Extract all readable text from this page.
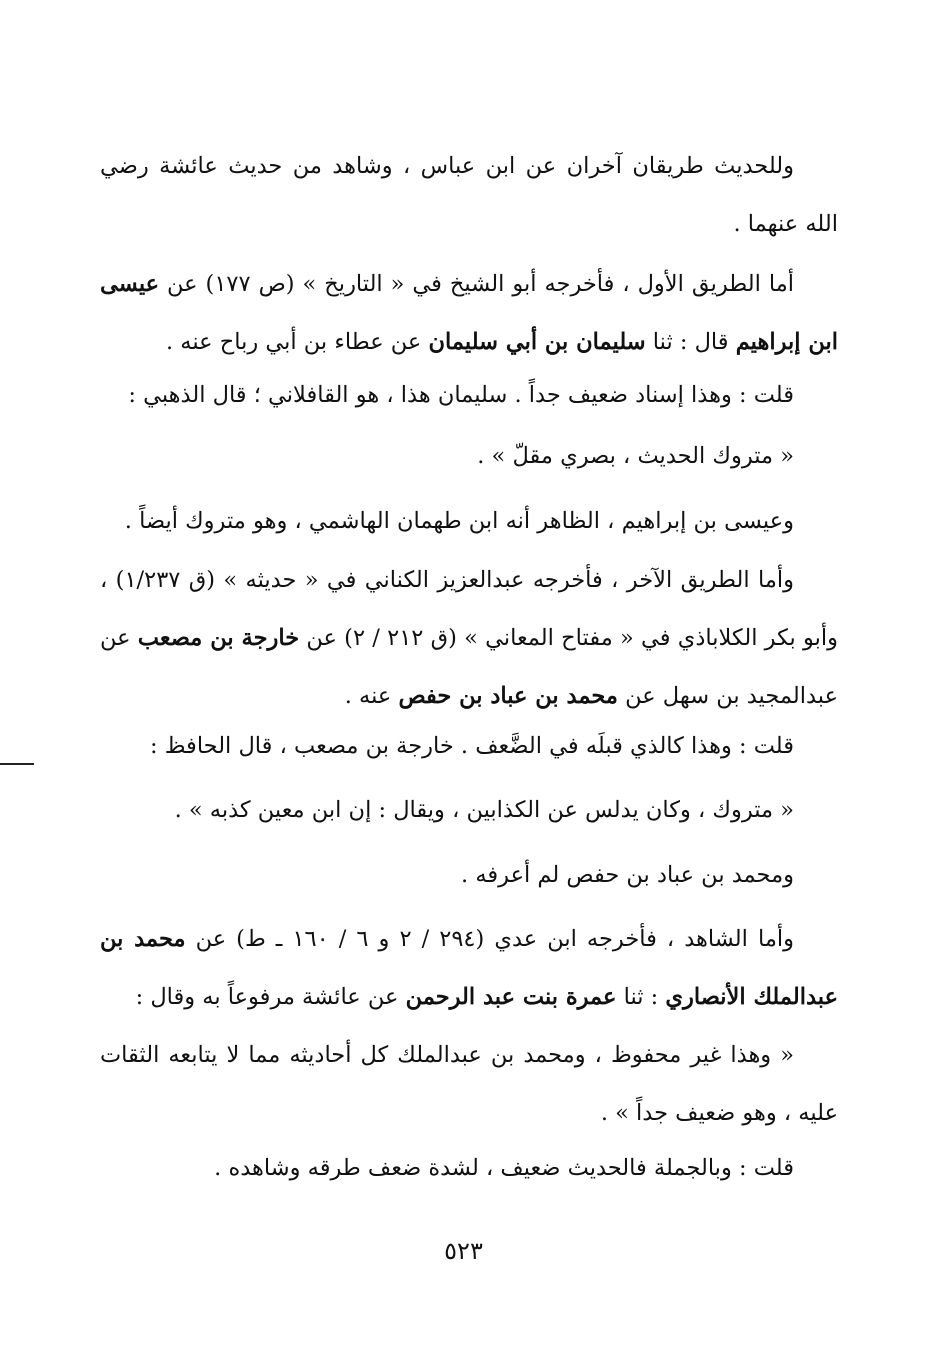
وللحديث طريقان آخران عن ابن عباس ، وشاهد من حديث عائشة رضي الله عنهما .
أما الطريق الأول ، فأخرجه أبو الشيخ في « التاريخ » (ص ١٧٧) عن عيسى ابن إبراهيم قال : ثنا سليمان بن أبي سليمان عن عطاء بن أبي رباح عنه .
قلت : وهذا إسناد ضعيف جداً . سليمان هذا ، هو القافلاني ؛ قال الذهبي :
« متروك الحديث ، بصري مقلّ » .
وعيسى بن إبراهيم ، الظاهر أنه ابن طهمان الهاشمي ، وهو متروك أيضاً .
وأما الطريق الآخر ، فأخرجه عبدالعزيز الكناني في « حديثه » (ق ١/٢٣٧) ، وأبو بكر الكلاباذي في « مفتاح المعاني » (ق ٢١٢ / ٢) عن خارجة بن مصعب عن عبدالمجيد بن سهل عن محمد بن عباد بن حفص عنه .
قلت : وهذا كالذي قبلَه في الضَّعف . خارجة بن مصعب ، قال الحافظ :
« متروك ، وكان يدلس عن الكذابين ، ويقال : إن ابن معين كذبه » .
ومحمد بن عباد بن حفص لم أعرفه .
وأما الشاهد ، فأخرجه ابن عدي (٢٩٤ / ٢ و ٦ / ١٦٠ ـ ط) عن محمد بن عبدالملك الأنصاري : ثنا عمرة بنت عبد الرحمن عن عائشة مرفوعاً به وقال :
« وهذا غير محفوظ ، ومحمد بن عبدالملك كل أحاديثه مما لا يتابعه الثقات عليه ، وهو ضعيف جداً » .
قلت : وبالجملة فالحديث ضعيف ، لشدة ضعف طرقه وشاهده .
٥٢٣
